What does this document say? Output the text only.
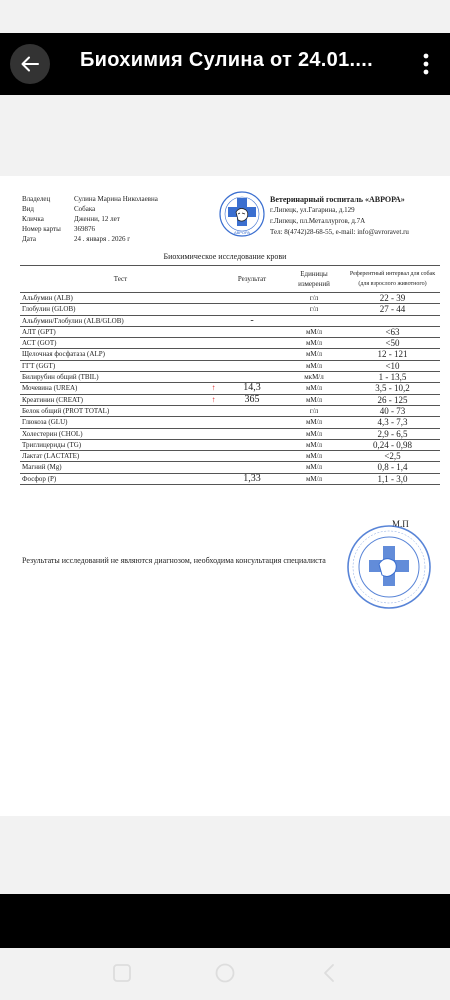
Биохимия Сулина от 24.01....
Владелец	Сулина Марина Николаевна
Вид	Собака
Кличка	Дженни, 12 лет
Номер карты	369876
Дата	24 . января . 2026 г
АВРОРА
Ветеринарный госпиталь «АВРОРА»
г.Липецк, ул.Гагарина, д.129
г.Липецк, пл.Металлургов, д.7А
Тел: 8(4742)28-68-55, e-mail: info@avroravet.ru
Биохимическое исследование крови
Тест		Результат	Единицы измерений	Референтный интервал для собак (для взрослого животного)
Альбумин (ALB)			г/л	22 - 39
Глобулин (GLOB)			г/л	27 - 44
Альбумин/Глобулин (ALB/GLOB)		-		
АЛТ (GPT)			мМ/л	<63
АСТ (GOT)			мМ/л	<50
Щелочная фосфатаза (ALP)			мМ/л	12 - 121
ГГТ (GGT)			мМ/л	<10
Билирубин общий (TBIL)			мкМ/л	1 - 13,5
Мочевина (UREA)	↑	14,3	мМ/л	3,5 - 10,2
Креатинин (CREAT)	↑	365	мМ/л	26 - 125
Белок общий (PROT TOTAL)			г/л	40 - 73
Глюкоза (GLU)			мМ/л	4,3 - 7,3
Холестерин (CHOL)			мМ/л	2,9 - 6,5
Триглицериды (TG)			мМ/л	0,24 - 0,98
Лактат (LACTATE)			мМ/л	<2,5
Магний (Mg)			мМ/л	0,8 - 1,4
Фосфор (P)		1,33	мМ/л	1,1 - 3,0
М.П
Результаты исследований не являются диагнозом, необходима консультация специалиста
